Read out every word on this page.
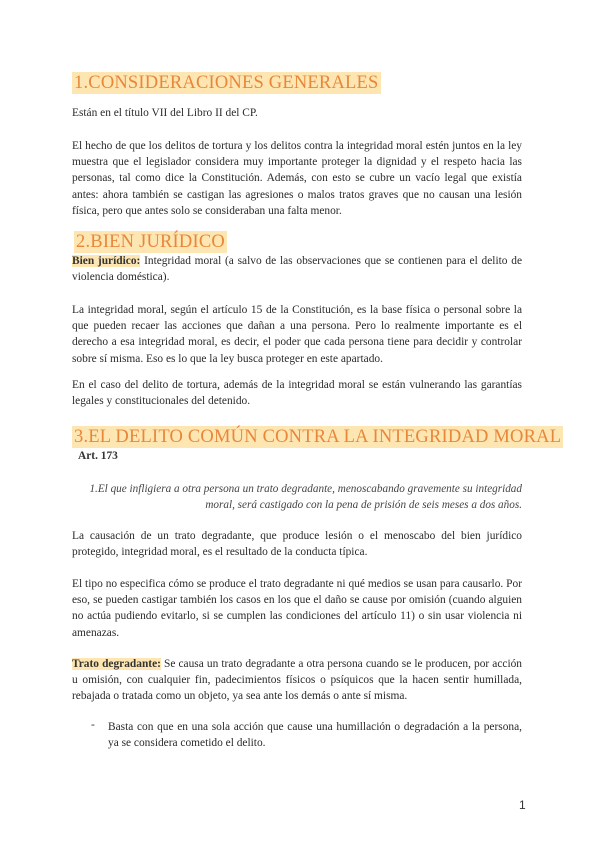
1.CONSIDERACIONES GENERALES
Están en el título VII del Libro II del CP.
El hecho de que los delitos de tortura y los delitos contra la integridad moral estén juntos en la ley muestra que el legislador considera muy importante proteger la dignidad y el respeto hacia las personas, tal como dice la Constitución. Además, con esto se cubre un vacío legal que existía antes: ahora también se castigan las agresiones o malos tratos graves que no causan una lesión física, pero que antes solo se consideraban una falta menor.
2.BIEN JURÍDICO
Bien jurídico: Integridad moral (a salvo de las observaciones que se contienen para el delito de violencia doméstica).
La integridad moral, según el artículo 15 de la Constitución, es la base física o personal sobre la que pueden recaer las acciones que dañan a una persona. Pero lo realmente importante es el derecho a esa integridad moral, es decir, el poder que cada persona tiene para decidir y controlar sobre sí misma. Eso es lo que la ley busca proteger en este apartado.
En el caso del delito de tortura, además de la integridad moral se están vulnerando las garantías legales y constitucionales del detenido.
3.EL DELITO COMÚN CONTRA LA INTEGRIDAD MORAL
Art. 173
1.El que infligiera a otra persona un trato degradante, menoscabando gravemente su integridad moral, será castigado con la pena de prisión de seis meses a dos años.
La causación de un trato degradante, que produce lesión o el menoscabo del bien jurídico protegido, integridad moral, es el resultado de la conducta típica.
El tipo no especifica cómo se produce el trato degradante ni qué medios se usan para causarlo. Por eso, se pueden castigar también los casos en los que el daño se cause por omisión (cuando alguien no actúa pudiendo evitarlo, si se cumplen las condiciones del artículo 11) o sin usar violencia ni amenazas.
Trato degradante: Se causa un trato degradante a otra persona cuando se le producen, por acción u omisión, con cualquier fin, padecimientos físicos o psíquicos que la hacen sentir humillada, rebajada o tratada como un objeto, ya sea ante los demás o ante sí misma.
- Basta con que en una sola acción que cause una humillación o degradación a la persona, ya se considera cometido el delito.
1
